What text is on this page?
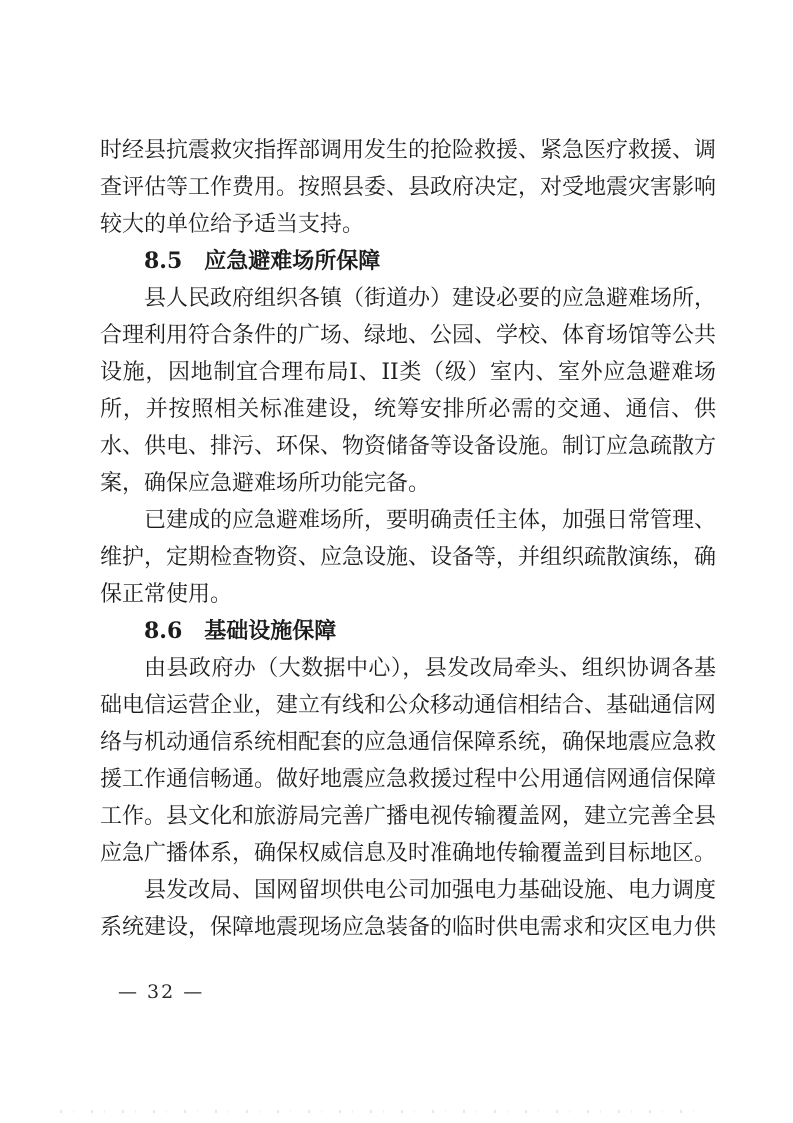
时经县抗震救灾指挥部调用发生的抢险救援、紧急医疗救援、调查评估等工作费用。按照县委、县政府决定，对受地震灾害影响较大的单位给予适当支持。

8.5　应急避难场所保障

县人民政府组织各镇（街道办）建设必要的应急避难场所，合理利用符合条件的广场、绿地、公园、学校、体育场馆等公共设施，因地制宜合理布局I、II类（级）室内、室外应急避难场所，并按照相关标准建设，统筹安排所必需的交通、通信、供水、供电、排污、环保、物资储备等设备设施。制订应急疏散方案，确保应急避难场所功能完备。

已建成的应急避难场所，要明确责任主体，加强日常管理、维护，定期检查物资、应急设施、设备等，并组织疏散演练，确保正常使用。

8.6　基础设施保障

由县政府办（大数据中心），县发改局牵头、组织协调各基础电信运营企业，建立有线和公众移动通信相结合、基础通信网络与机动通信系统相配套的应急通信保障系统，确保地震应急救援工作通信畅通。做好地震应急救援过程中公用通信网通信保障工作。县文化和旅游局完善广播电视传输覆盖网，建立完善全县应急广播体系，确保权威信息及时准确地传输覆盖到目标地区。

县发改局、国网留坝供电公司加强电力基础设施、电力调度系统建设，保障地震现场应急装备的临时供电需求和灾区电力供

— 32 —
